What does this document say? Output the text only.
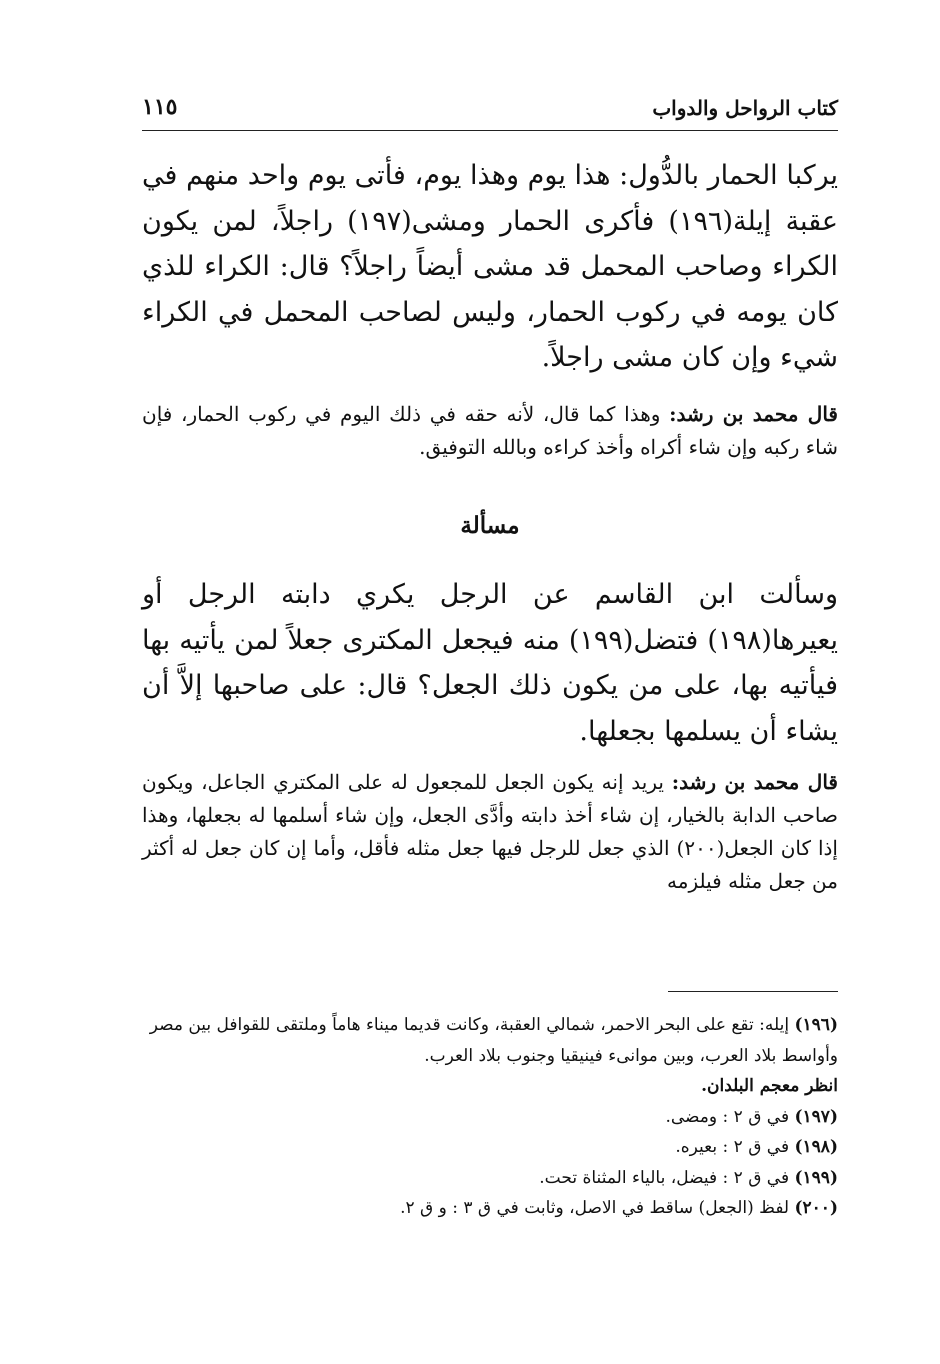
كتاب الرواحل والدواب
١١٥
يركبا الحمار بالدُّول: هذا يوم وهذا يوم، فأتى يوم واحد منهم في عقبة إيلة(١٩٦) فأكرى الحمار ومشى(١٩٧) راجلاً، لمن يكون الكراء وصاحب المحمل قد مشى أيضاً راجلاً؟ قال: الكراء للذي كان يومه في ركوب الحمار، وليس لصاحب المحمل في الكراء شيء وإن كان مشى راجلاً.
قال محمد بن رشد: وهذا كما قال، لأنه حقه في ذلك اليوم في ركوب الحمار، فإن شاء ركبه وإن شاء أكراه وأخذ كراءه وبالله التوفيق.
مسألة
وسألت ابن القاسم عن الرجل يكري دابته الرجل أو يعيرها(١٩٨) فتضل(١٩٩) منه فيجعل المكترى جعلاً لمن يأتيه بها فيأتيه بها، على من يكون ذلك الجعل؟ قال: على صاحبها إلاَّ أن يشاء أن يسلمها بجعلها.
قال محمد بن رشد: يريد إنه يكون الجعل للمجعول له على المكتري الجاعل، ويكون صاحب الدابة بالخيار، إن شاء أخذ دابته وأدَّى الجعل، وإن شاء أسلمها له بجعلها، وهذا إذا كان الجعل(٢٠٠) الذي جعل للرجل فيها جعل مثله فأقل، وأما إن كان جعل له أكثر من جعل مثله فيلزمه
(١٩٦) إيله: تقع على البحر الاحمر، شمالي العقبة، وكانت قديما ميناء هاماً وملتقى للقوافل بين مصر وأواسط بلاد العرب، وبين موانىء فينيقيا وجنوب بلاد العرب.
انظر معجم البلدان.
(١٩٧) في ق ٢ : ومضى.
(١٩٨) في ق ٢ : بعيره.
(١٩٩) في ق ٢ : فيضل، بالياء المثناة تحت.
(٢٠٠) لفظ (الجعل) ساقط في الاصل، وثابت في ق ٣ : و ق ٢.
